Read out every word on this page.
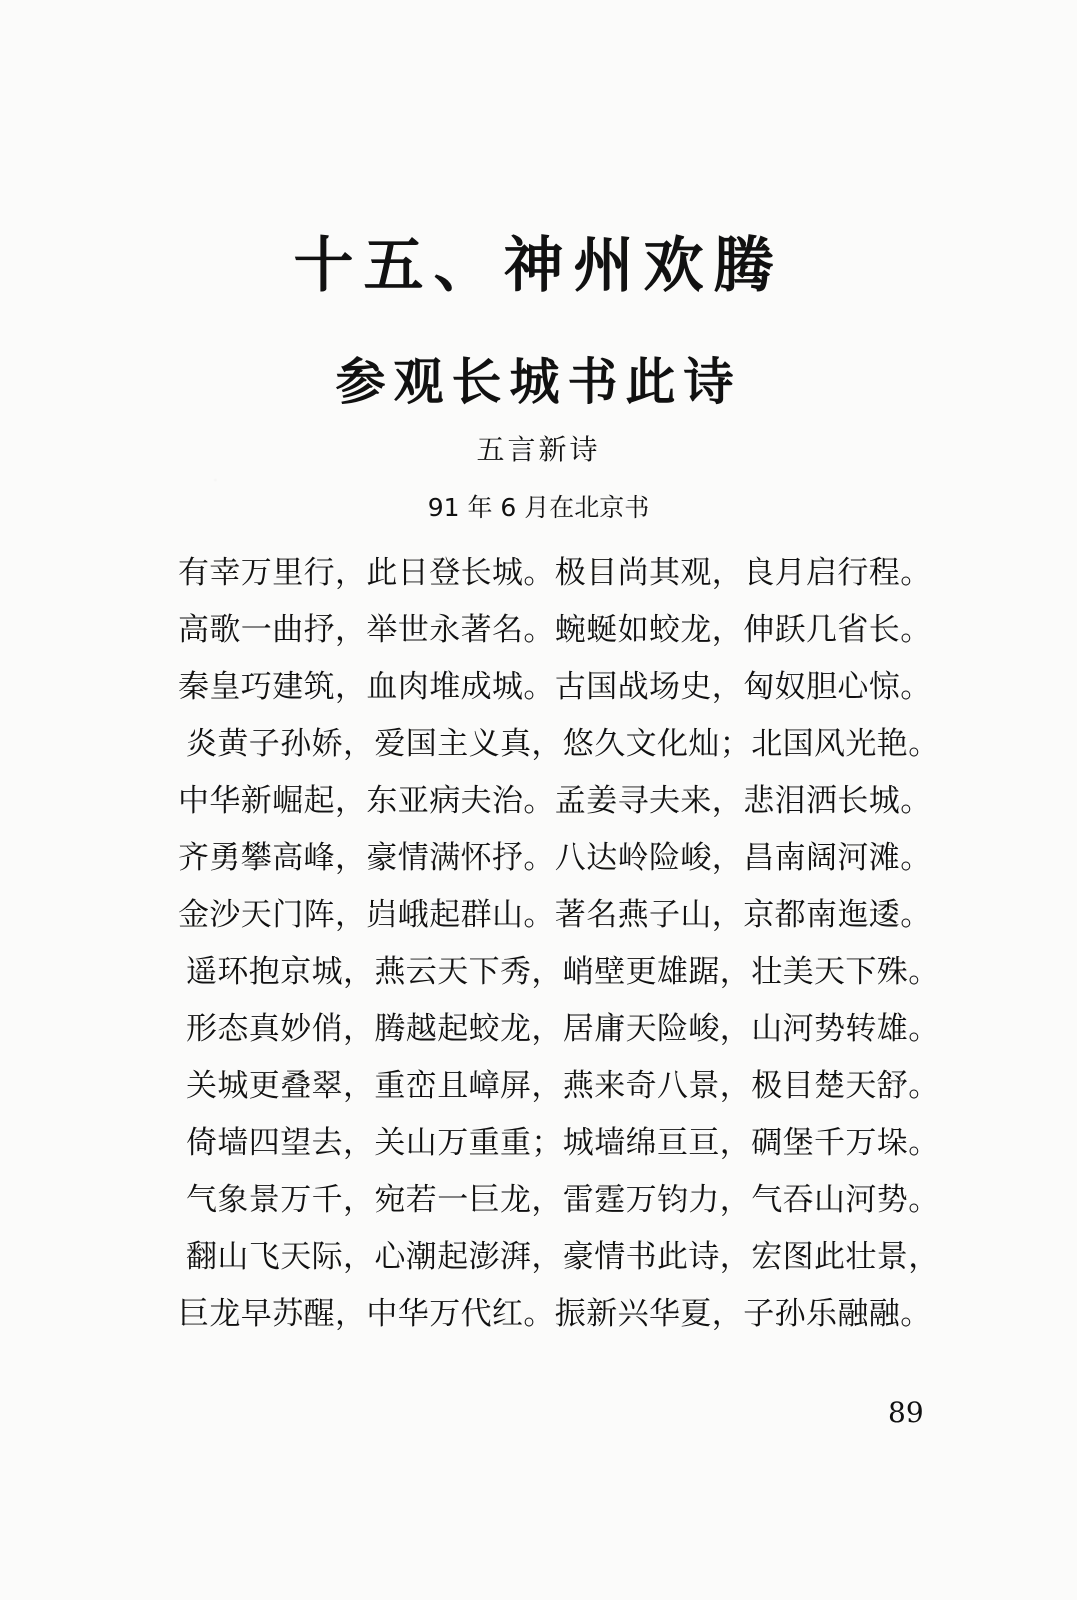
十五、神州欢腾
参观长城书此诗
五言新诗
91 年 6 月在北京书
有幸万里行，此日登长城。极目尚其观，良月启行程。
高歌一曲抒，举世永著名。蜿蜒如蛟龙，伸跃几省长。
秦皇巧建筑，血肉堆成城。古国战场史，匈奴胆心惊。
炎黄子孙娇，爱国主义真，悠久文化灿；北国风光艳。
中华新崛起，东亚病夫治。孟姜寻夫来，悲泪洒长城。
齐勇攀高峰，豪情满怀抒。八达岭险峻，昌南阔河滩。
金沙天门阵，岿峨起群山。著名燕子山，京都南迤逶。
遥环抱京城，燕云天下秀，峭壁更雄踞，壮美天下殊。
形态真妙俏，腾越起蛟龙，居庸天险峻，山河势转雄。
关城更叠翠，重峦且嶂屏，燕来奇八景，极目楚天舒。
倚墙四望去，关山万重重；城墙绵亘亘，碉堡千万垛。
气象景万千，宛若一巨龙，雷霆万钧力，气吞山河势。
翻山飞天际，心潮起澎湃，豪情书此诗，宏图此壮景，
巨龙早苏醒，中华万代红。振新兴华夏，子孙乐融融。
89
